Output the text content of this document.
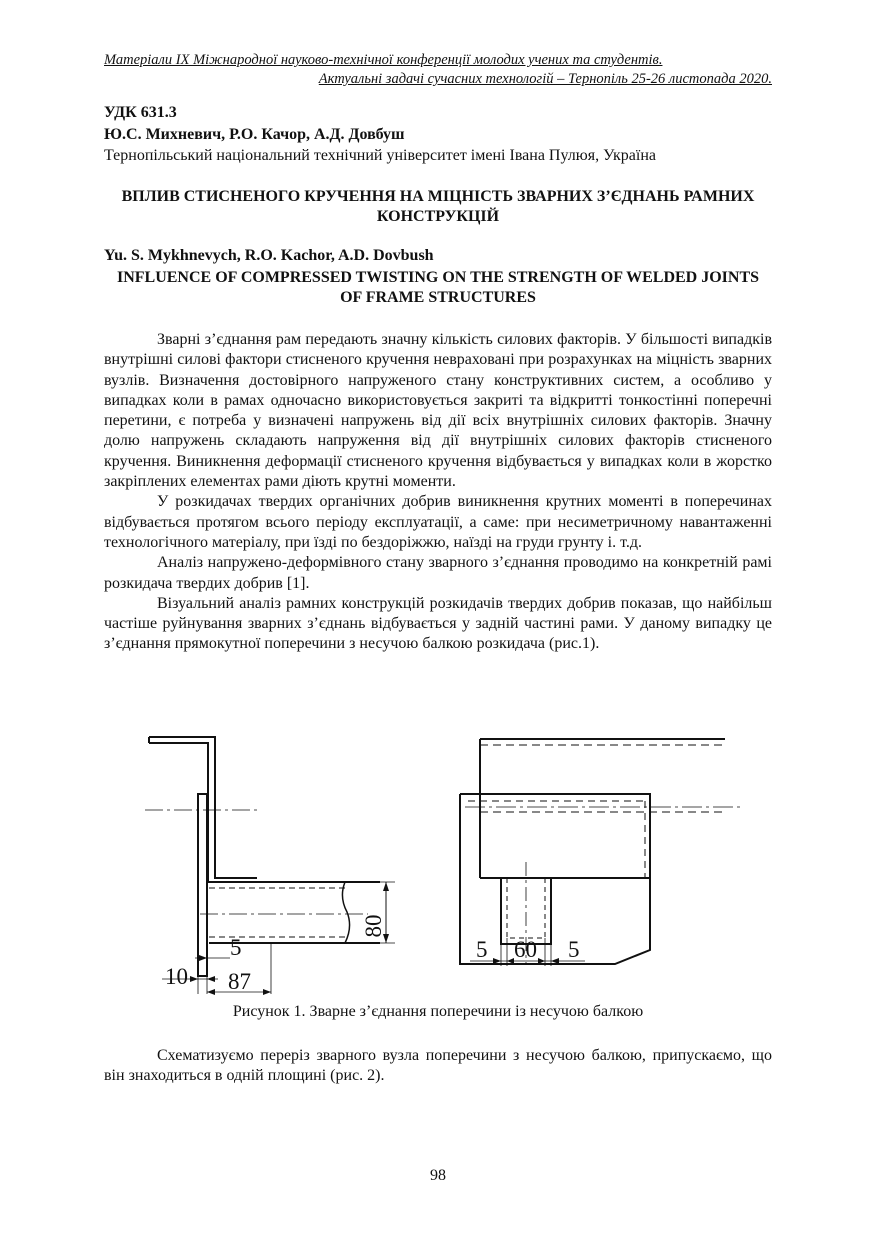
Матеріали IX Міжнародної науково-технічної конференції молодих учених та студентів.
Актуальні задачі сучасних технологій – Тернопіль 25-26 листопада 2020.
УДК 631.3
Ю.С. Михневич, Р.О. Качор, А.Д. Довбуш
Тернопільський національний технічний університет імені Івана Пулюя, Україна
ВПЛИВ СТИСНЕНОГО КРУЧЕННЯ НА МІЦНІСТЬ ЗВАРНИХ З’ЄДНАНЬ РАМНИХ КОНСТРУКЦІЙ
Yu. S. Mykhnevych, R.O. Kachor, A.D. Dovbush
INFLUENCE OF COMPRESSED TWISTING ON THE STRENGTH OF WELDED JOINTS OF FRAME STRUCTURES

Зварні з’єднання рам передають значну кількість силових факторів. У більшості випадків внутрішні силові фактори стисненого кручення невраховані при розрахунках на міцність зварних вузлів. Визначення достовірного напруженого стану конструктивних систем, а особливо у випадках коли в рамах одночасно використовується закриті та відкритті тонкостінні поперечні перетини, є потреба у визначені напружень від дії всіх внутрішніх силових факторів. Значну долю напружень складають напруження від дії внутрішніх силових факторів стисненого кручення. Виникнення деформації стисненого кручення відбувається у випадках коли в жорстко закріплених елементах рами діють крутні моменти.

У розкидачах твердих органічних добрив виникнення крутних моменті в поперечинах відбувається протягом всього періоду експлуатації, а саме: при несиметричному навантаженні технологічного матеріалу, при їзді по бездоріжжю, наїзді на груди грунту і. т.д.

Аналіз напружено-деформівного стану зварного з’єднання проводимо на конкретній рамі розкидача твердих добрив [1].

Візуальний аналіз рамних конструкцій розкидачів твердих добрив показав, що найбільш частіше руйнування зварних з’єднань відбувається у задній частині рами. У даному випадку це з’єднання прямокутної поперечини з несучою балкою розкидача (рис.1).

80
5
10 87
5 60 5
Рисунок 1. Зварне з’єднання поперечини із несучою балкою

Схематизуємо переріз зварного вузла поперечини з несучою балкою, припускаємо, що він знаходиться в одній площині (рис. 2).

98
